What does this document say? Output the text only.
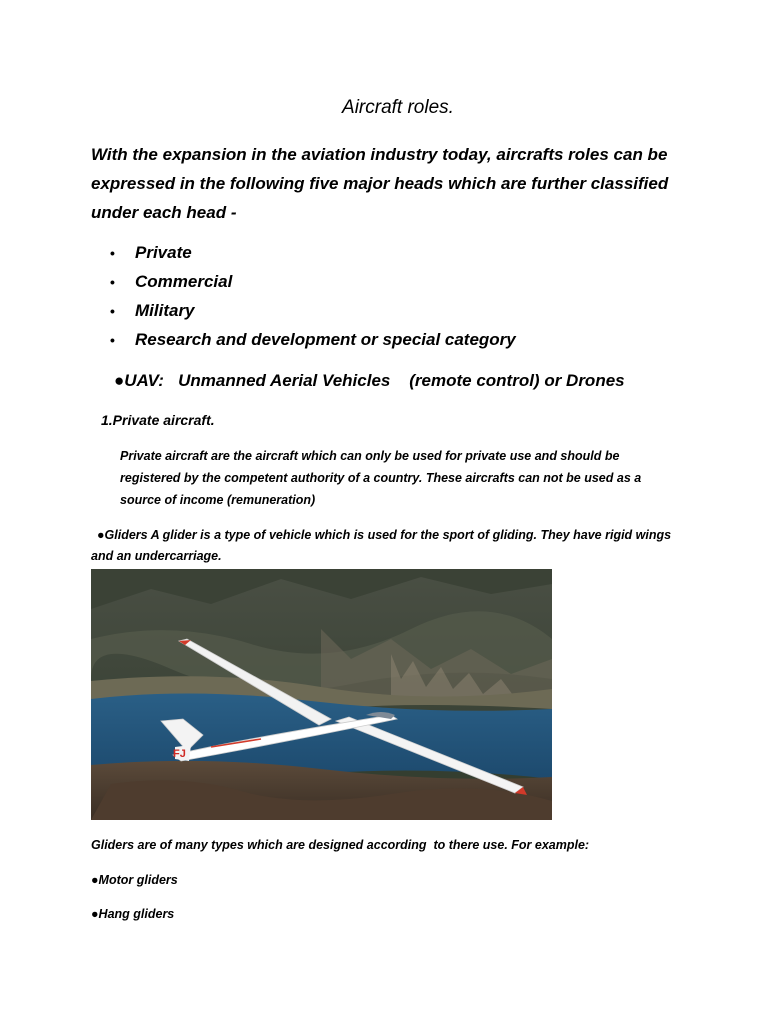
Aircraft roles.
With the expansion in the aviation industry today, aircrafts roles can be expressed in the following five major heads which are further classified under each head -
• Private
• Commercial
• Military
• Research and development or special category
●UAV:   Unmanned Aerial Vehicles    (remote control) or Drones
1.Private aircraft.
Private aircraft are the aircraft which can only be used for private use and should be registered by the competent authority of a country. These aircrafts can not be used as a source of income (remuneration)
●Gliders A glider is a type of vehicle which is used for the sport of gliding. They have rigid wings and an undercarriage.
FJ
Gliders are of many types which are designed according  to there use. For example:
●Motor gliders
●Hang gliders
